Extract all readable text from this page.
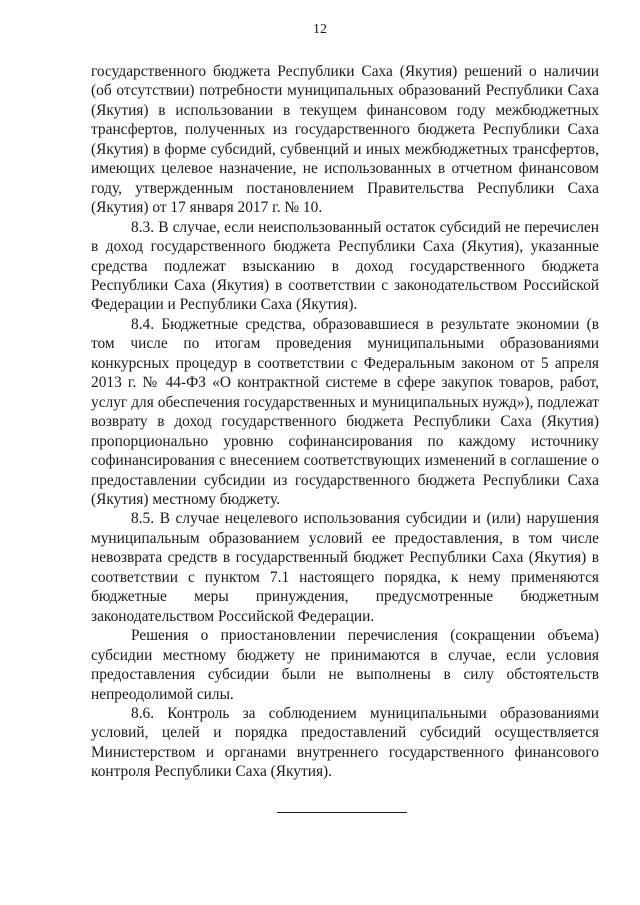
12

государственного бюджета Республики Саха (Якутия) решений о наличии (об отсутствии) потребности муниципальных образований Республики Саха (Якутия) в использовании в текущем финансовом году межбюджетных трансфертов, полученных из государственного бюджета Республики Саха (Якутия) в форме субсидий, субвенций и иных межбюджетных трансфертов, имеющих целевое назначение, не использованных в отчетном финансовом году, утвержденным постановлением Правительства Республики Саха (Якутия) от 17 января 2017 г. № 10.

8.3. В случае, если неиспользованный остаток субсидий не перечислен в доход государственного бюджета Республики Саха (Якутия), указанные средства подлежат взысканию в доход государственного бюджета Республики Саха (Якутия) в соответствии с законодательством Российской Федерации и Республики Саха (Якутия).

8.4. Бюджетные средства, образовавшиеся в результате экономии (в том числе по итогам проведения муниципальными образованиями конкурсных процедур в соответствии с Федеральным законом от 5 апреля 2013 г. № 44-ФЗ «О контрактной системе в сфере закупок товаров, работ, услуг для обеспечения государственных и муниципальных нужд»), подлежат возврату в доход государственного бюджета Республики Саха (Якутия) пропорционально уровню софинансирования по каждому источнику софинансирования с внесением соответствующих изменений в соглашение о предоставлении субсидии из государственного бюджета Республики Саха (Якутия) местному бюджету.

8.5. В случае нецелевого использования субсидии и (или) нарушения муниципальным образованием условий ее предоставления, в том числе невозврата средств в государственный бюджет Республики Саха (Якутия) в соответствии с пунктом 7.1 настоящего порядка, к нему применяются бюджетные меры принуждения, предусмотренные бюджетным законодательством Российской Федерации.

Решения о приостановлении перечисления (сокращении объема) субсидии местному бюджету не принимаются в случае, если условия предоставления субсидии были не выполнены в силу обстоятельств непреодолимой силы.

8.6. Контроль за соблюдением муниципальными образованиями условий, целей и порядка предоставлений субсидий осуществляется Министерством и органами внутреннего государственного финансового контроля Республики Саха (Якутия).
